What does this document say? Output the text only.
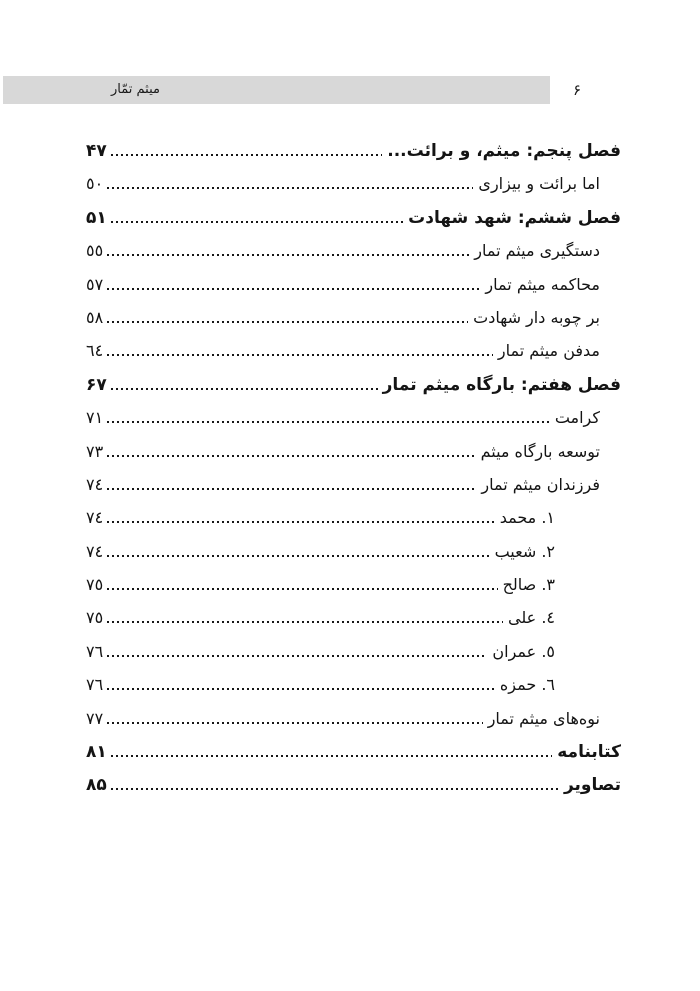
میثم تمّار	۶
فصل پنجم: میثم، و برائت...
۴۷
اما برائت و بیزاری
٥٠
فصل ششم: شهد شهادت
۵۱
دستگیری میثم تمار
٥٥
محاکمه میثم تمار
٥٧
بر چوبه دار شهادت
٥٨
مدفن میثم تمار
٦٤
فصل هفتم: بارگاه میثم تمار
۶۷
کرامت
٧١
توسعه بارگاه میثم
٧٣
فرزندان میثم تمار
٧٤
١. محمد
٧٤
٢. شعیب
٧٤
٣. صالح
٧٥
٤. علی
٧٥
٥. عمران
٧٦
٦. حمزه
٧٦
نوه‌های میثم تمار
٧٧
کتابنامه
۸۱
تصاویر
۸۵
